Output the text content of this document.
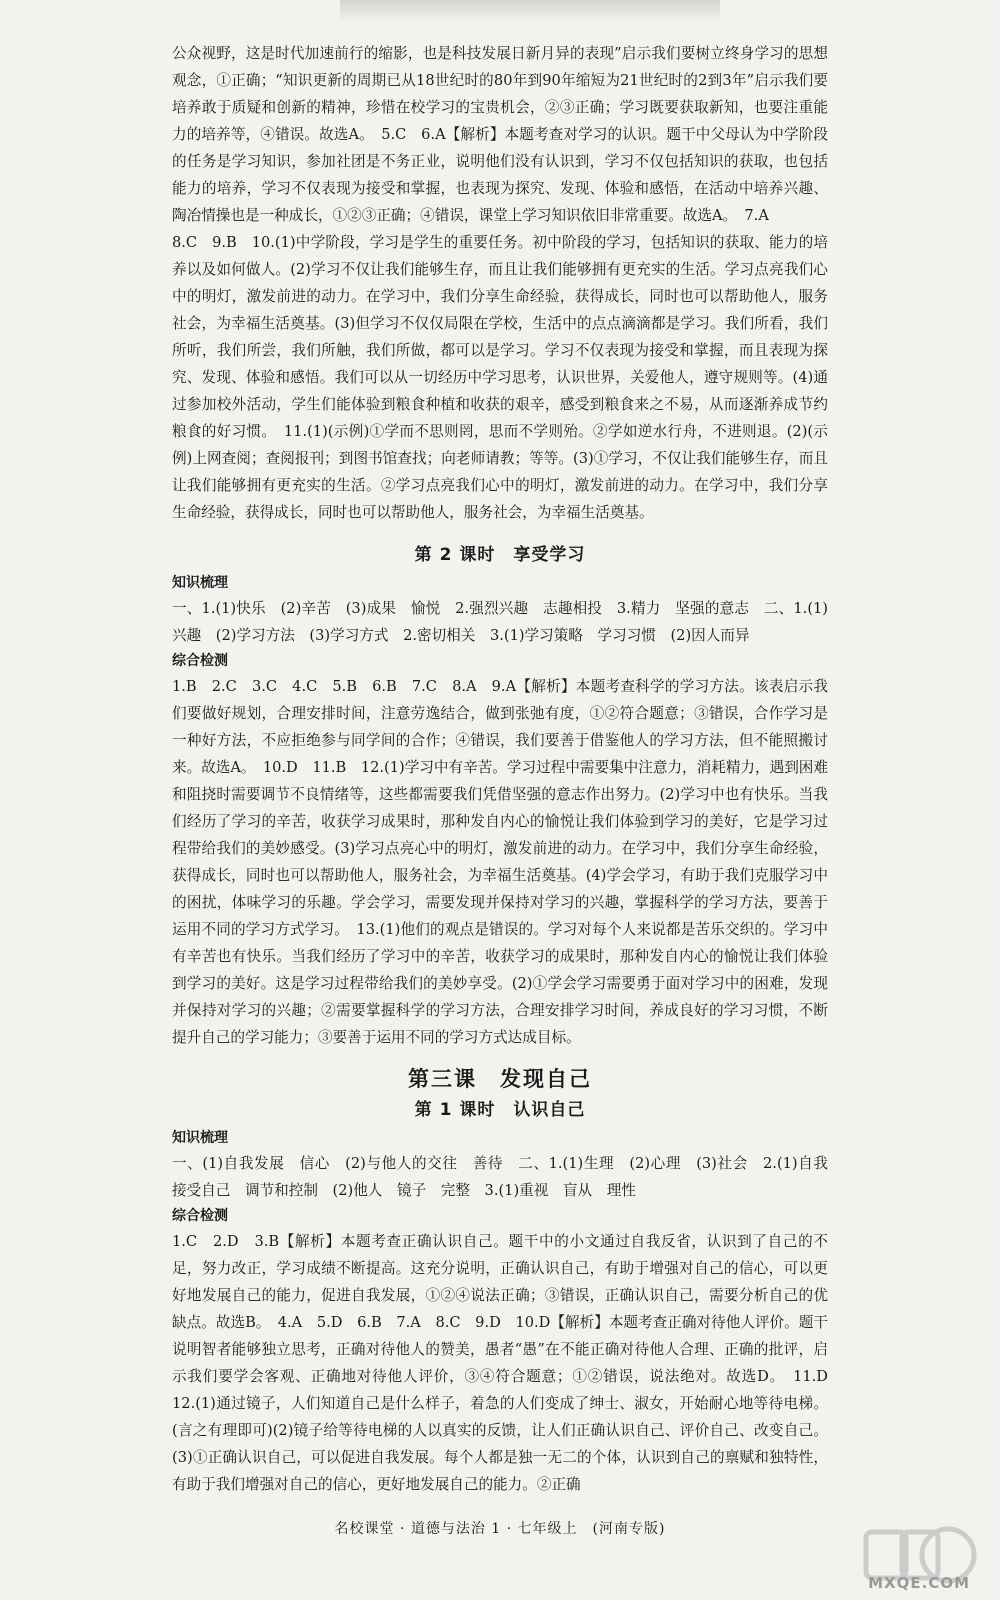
公众视野，这是时代加速前行的缩影，也是科技发展日新月异的表现”启示我们要树立终身学习的思想观念，①正确；“知识更新的周期已从18世纪时的80年到90年缩短为21世纪时的2到3年”启示我们要培养敢于质疑和创新的精神，珍惜在校学习的宝贵机会，②③正确；学习既要获取新知，也要注重能力的培养等，④错误。故选A。　5.C　6.A【解析】本题考查对学习的认识。题干中父母认为中学阶段的任务是学习知识，参加社团是不务正业，说明他们没有认识到，学习不仅包括知识的获取，也包括能力的培养，学习不仅表现为接受和掌握，也表现为探究、发现、体验和感悟，在活动中培养兴趣、陶冶情操也是一种成长，①②③正确；④错误，课堂上学习知识依旧非常重要。故选A。　7.A

8.C　9.B　10.(1)中学阶段，学习是学生的重要任务。初中阶段的学习，包括知识的获取、能力的培养以及如何做人。(2)学习不仅让我们能够生存，而且让我们能够拥有更充实的生活。学习点亮我们心中的明灯，激发前进的动力。在学习中，我们分享生命经验，获得成长，同时也可以帮助他人，服务社会，为幸福生活奠基。(3)但学习不仅仅局限在学校，生活中的点点滴滴都是学习。我们所看，我们所听，我们所尝，我们所触，我们所做，都可以是学习。学习不仅表现为接受和掌握，而且表现为探究、发现、体验和感悟。我们可以从一切经历中学习思考，认识世界，关爱他人，遵守规则等。(4)通过参加校外活动，学生们能体验到粮食种植和收获的艰辛，感受到粮食来之不易，从而逐渐养成节约粮食的好习惯。　11.(1)(示例)①学而不思则罔，思而不学则殆。②学如逆水行舟，不进则退。(2)(示例)上网查阅；查阅报刊；到图书馆查找；向老师请教；等等。(3)①学习，不仅让我们能够生存，而且让我们能够拥有更充实的生活。②学习点亮我们心中的明灯，激发前进的动力。在学习中，我们分享生命经验，获得成长，同时也可以帮助他人，服务社会，为幸福生活奠基。

第 2 课时　享受学习

知识梳理

一、1.(1)快乐　(2)辛苦　(3)成果　愉悦　2.强烈兴趣　志趣相投　3.精力　坚强的意志　二、1.(1)兴趣　(2)学习方法　(3)学习方式　2.密切相关　3.(1)学习策略　学习习惯　(2)因人而异

综合检测

1.B　2.C　3.C　4.C　5.B　6.B　7.C　8.A　9.A【解析】本题考查科学的学习方法。该表启示我们要做好规划，合理安排时间，注意劳逸结合，做到张弛有度，①②符合题意；③错误，合作学习是一种好方法，不应拒绝参与同学间的合作；④错误，我们要善于借鉴他人的学习方法，但不能照搬讨来。故选A。　10.D　11.B　12.(1)学习中有辛苦。学习过程中需要集中注意力，消耗精力，遇到困难和阻挠时需要调节不良情绪等，这些都需要我们凭借坚强的意志作出努力。(2)学习中也有快乐。当我们经历了学习的辛苦，收获学习成果时，那种发自内心的愉悦让我们体验到学习的美好，它是学习过程带给我们的美妙感受。(3)学习点亮心中的明灯，激发前进的动力。在学习中，我们分享生命经验，获得成长，同时也可以帮助他人，服务社会，为幸福生活奠基。(4)学会学习，有助于我们克服学习中的困扰，体味学习的乐趣。学会学习，需要发现并保持对学习的兴趣，掌握科学的学习方法，要善于运用不同的学习方式学习。　13.(1)他们的观点是错误的。学习对每个人来说都是苦乐交织的。学习中有辛苦也有快乐。当我们经历了学习中的辛苦，收获学习的成果时，那种发自内心的愉悦让我们体验到学习的美好。这是学习过程带给我们的美妙享受。(2)①学会学习需要勇于面对学习中的困难，发现并保持对学习的兴趣；②需要掌握科学的学习方法，合理安排学习时间，养成良好的学习习惯，不断提升自己的学习能力；③要善于运用不同的学习方式达成目标。

第三课　发现自己
第 1 课时　认识自己

知识梳理

一、(1)自我发展　信心　(2)与他人的交往　善待　二、1.(1)生理　(2)心理　(3)社会　2.(1)自我　接受自己　调节和控制　(2)他人　镜子　完整　3.(1)重视　盲从　理性

综合检测

1.C　2.D　3.B【解析】本题考查正确认识自己。题干中的小文通过自我反省，认识到了自己的不足，努力改正，学习成绩不断提高。这充分说明，正确认识自己，有助于增强对自己的信心，可以更好地发展自己的能力，促进自我发展，①②④说法正确；③错误，正确认识自己，需要分析自己的优缺点。故选B。　4.A　5.D　6.B　7.A　8.C　9.D　10.D【解析】本题考查正确对待他人评价。题干说明智者能够独立思考，正确对待他人的赞美，愚者“愚”在不能正确对待他人合理、正确的批评，启示我们要学会客观、正确地对待他人评价，③④符合题意；①②错误，说法绝对。故选D。　11.D　12.(1)通过镜子，人们知道自己是什么样子，着急的人们变成了绅士、淑女，开始耐心地等待电梯。(言之有理即可)(2)镜子给等待电梯的人以真实的反馈，让人们正确认识自己、评价自己、改变自己。(3)①正确认识自己，可以促进自我发展。每个人都是独一无二的个体，认识到自己的禀赋和独特性，有助于我们增强对自己的信心，更好地发展自己的能力。②正确

名校课堂 · 道德与法治 1 · 七年级上　(河南专版)
MXQE.COM
